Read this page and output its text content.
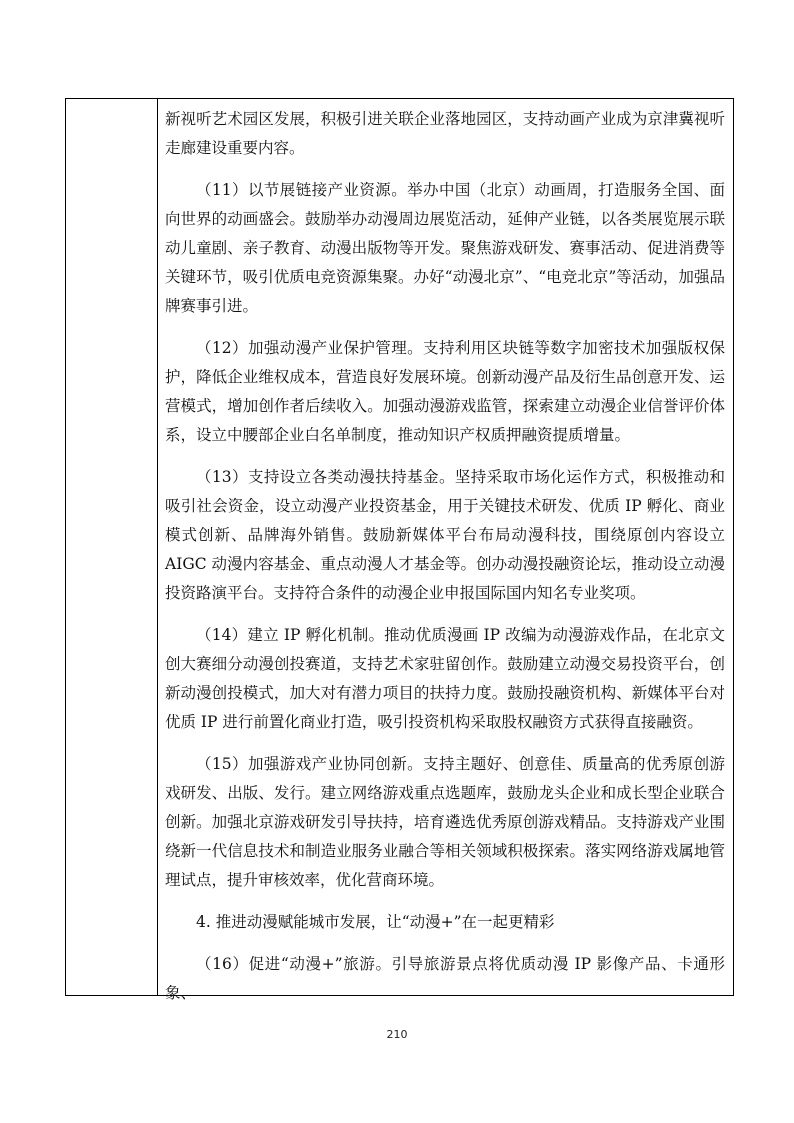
新视听艺术园区发展，积极引进关联企业落地园区，支持动画产业成为京津冀视听走廊建设重要内容。

（11）以节展链接产业资源。举办中国（北京）动画周，打造服务全国、面向世界的动画盛会。鼓励举办动漫周边展览活动，延伸产业链，以各类展览展示联动儿童剧、亲子教育、动漫出版物等开发。聚焦游戏研发、赛事活动、促进消费等关键环节，吸引优质电竞资源集聚。办好“动漫北京”、“电竞北京”等活动，加强品牌赛事引进。

（12）加强动漫产业保护管理。支持利用区块链等数字加密技术加强版权保护，降低企业维权成本，营造良好发展环境。创新动漫产品及衍生品创意开发、运营模式，增加创作者后续收入。加强动漫游戏监管，探索建立动漫企业信誉评价体系，设立中腰部企业白名单制度，推动知识产权质押融资提质增量。

（13）支持设立各类动漫扶持基金。坚持采取市场化运作方式，积极推动和吸引社会资金，设立动漫产业投资基金，用于关键技术研发、优质 IP 孵化、商业模式创新、品牌海外销售。鼓励新媒体平台布局动漫科技，围绕原创内容设立 AIGC 动漫内容基金、重点动漫人才基金等。创办动漫投融资论坛，推动设立动漫投资路演平台。支持符合条件的动漫企业申报国际国内知名专业奖项。

（14）建立 IP 孵化机制。推动优质漫画 IP 改编为动漫游戏作品，在北京文创大赛细分动漫创投赛道，支持艺术家驻留创作。鼓励建立动漫交易投资平台，创新动漫创投模式，加大对有潜力项目的扶持力度。鼓励投融资机构、新媒体平台对优质 IP 进行前置化商业打造，吸引投资机构采取股权融资方式获得直接融资。

（15）加强游戏产业协同创新。支持主题好、创意佳、质量高的优秀原创游戏研发、出版、发行。建立网络游戏重点选题库，鼓励龙头企业和成长型企业联合创新。加强北京游戏研发引导扶持，培育遴选优秀原创游戏精品。支持游戏产业围绕新一代信息技术和制造业服务业融合等相关领域积极探索。落实网络游戏属地管理试点，提升审核效率，优化营商环境。

4. 推进动漫赋能城市发展，让“动漫+”在一起更精彩

（16）促进“动漫+”旅游。引导旅游景点将优质动漫 IP 影像产品、卡通形象、

210
